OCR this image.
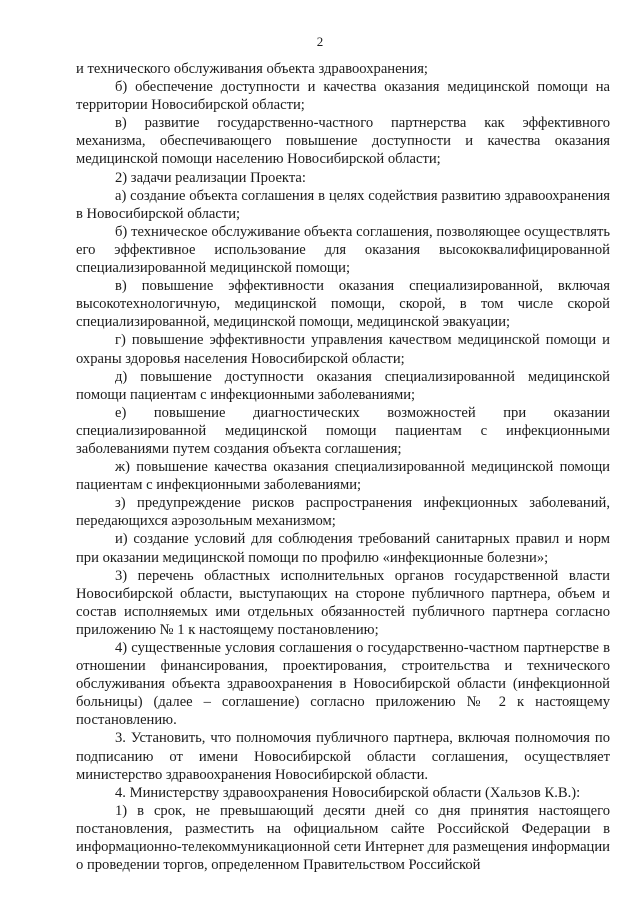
2

и технического обслуживания объекта здравоохранения;

б) обеспечение доступности и качества оказания медицинской помощи на территории Новосибирской области;

в) развитие государственно-частного партнерства как эффективного механизма, обеспечивающего повышение доступности и качества оказания медицинской помощи населению Новосибирской области;

2) задачи реализации Проекта:

а) создание объекта соглашения в целях содействия развитию здравоохранения в Новосибирской области;

б) техническое обслуживание объекта соглашения, позволяющее осуществлять его эффективное использование для оказания высококвалифицированной специализированной медицинской помощи;

в) повышение эффективности оказания специализированной, включая высокотехнологичную, медицинской помощи, скорой, в том числе скорой специализированной, медицинской помощи, медицинской эвакуации;

г) повышение эффективности управления качеством медицинской помощи и охраны здоровья населения Новосибирской области;

д) повышение доступности оказания специализированной медицинской помощи пациентам с инфекционными заболеваниями;

е) повышение диагностических возможностей при оказании специализированной медицинской помощи пациентам с инфекционными заболеваниями путем создания объекта соглашения;

ж) повышение качества оказания специализированной медицинской помощи пациентам с инфекционными заболеваниями;

з) предупреждение рисков распространения инфекционных заболеваний, передающихся аэрозольным механизмом;

и) создание условий для соблюдения требований санитарных правил и норм при оказании медицинской помощи по профилю «инфекционные болезни»;

3) перечень областных исполнительных органов государственной власти Новосибирской области, выступающих на стороне публичного партнера, объем и состав исполняемых ими отдельных обязанностей публичного партнера согласно приложению № 1 к настоящему постановлению;

4) существенные условия соглашения о государственно-частном партнерстве в отношении финансирования, проектирования, строительства и технического обслуживания объекта здравоохранения в Новосибирской области (инфекционной больницы) (далее – соглашение) согласно приложению № 2 к настоящему постановлению.

3. Установить, что полномочия публичного партнера, включая полномочия по подписанию от имени Новосибирской области соглашения, осуществляет министерство здравоохранения Новосибирской области.

4. Министерству здравоохранения Новосибирской области (Хальзов К.В.):

1) в срок, не превышающий десяти дней со дня принятия настоящего постановления, разместить на официальном сайте Российской Федерации в информационно-телекоммуникационной сети Интернет для размещения информации о проведении торгов, определенном Правительством Российской
